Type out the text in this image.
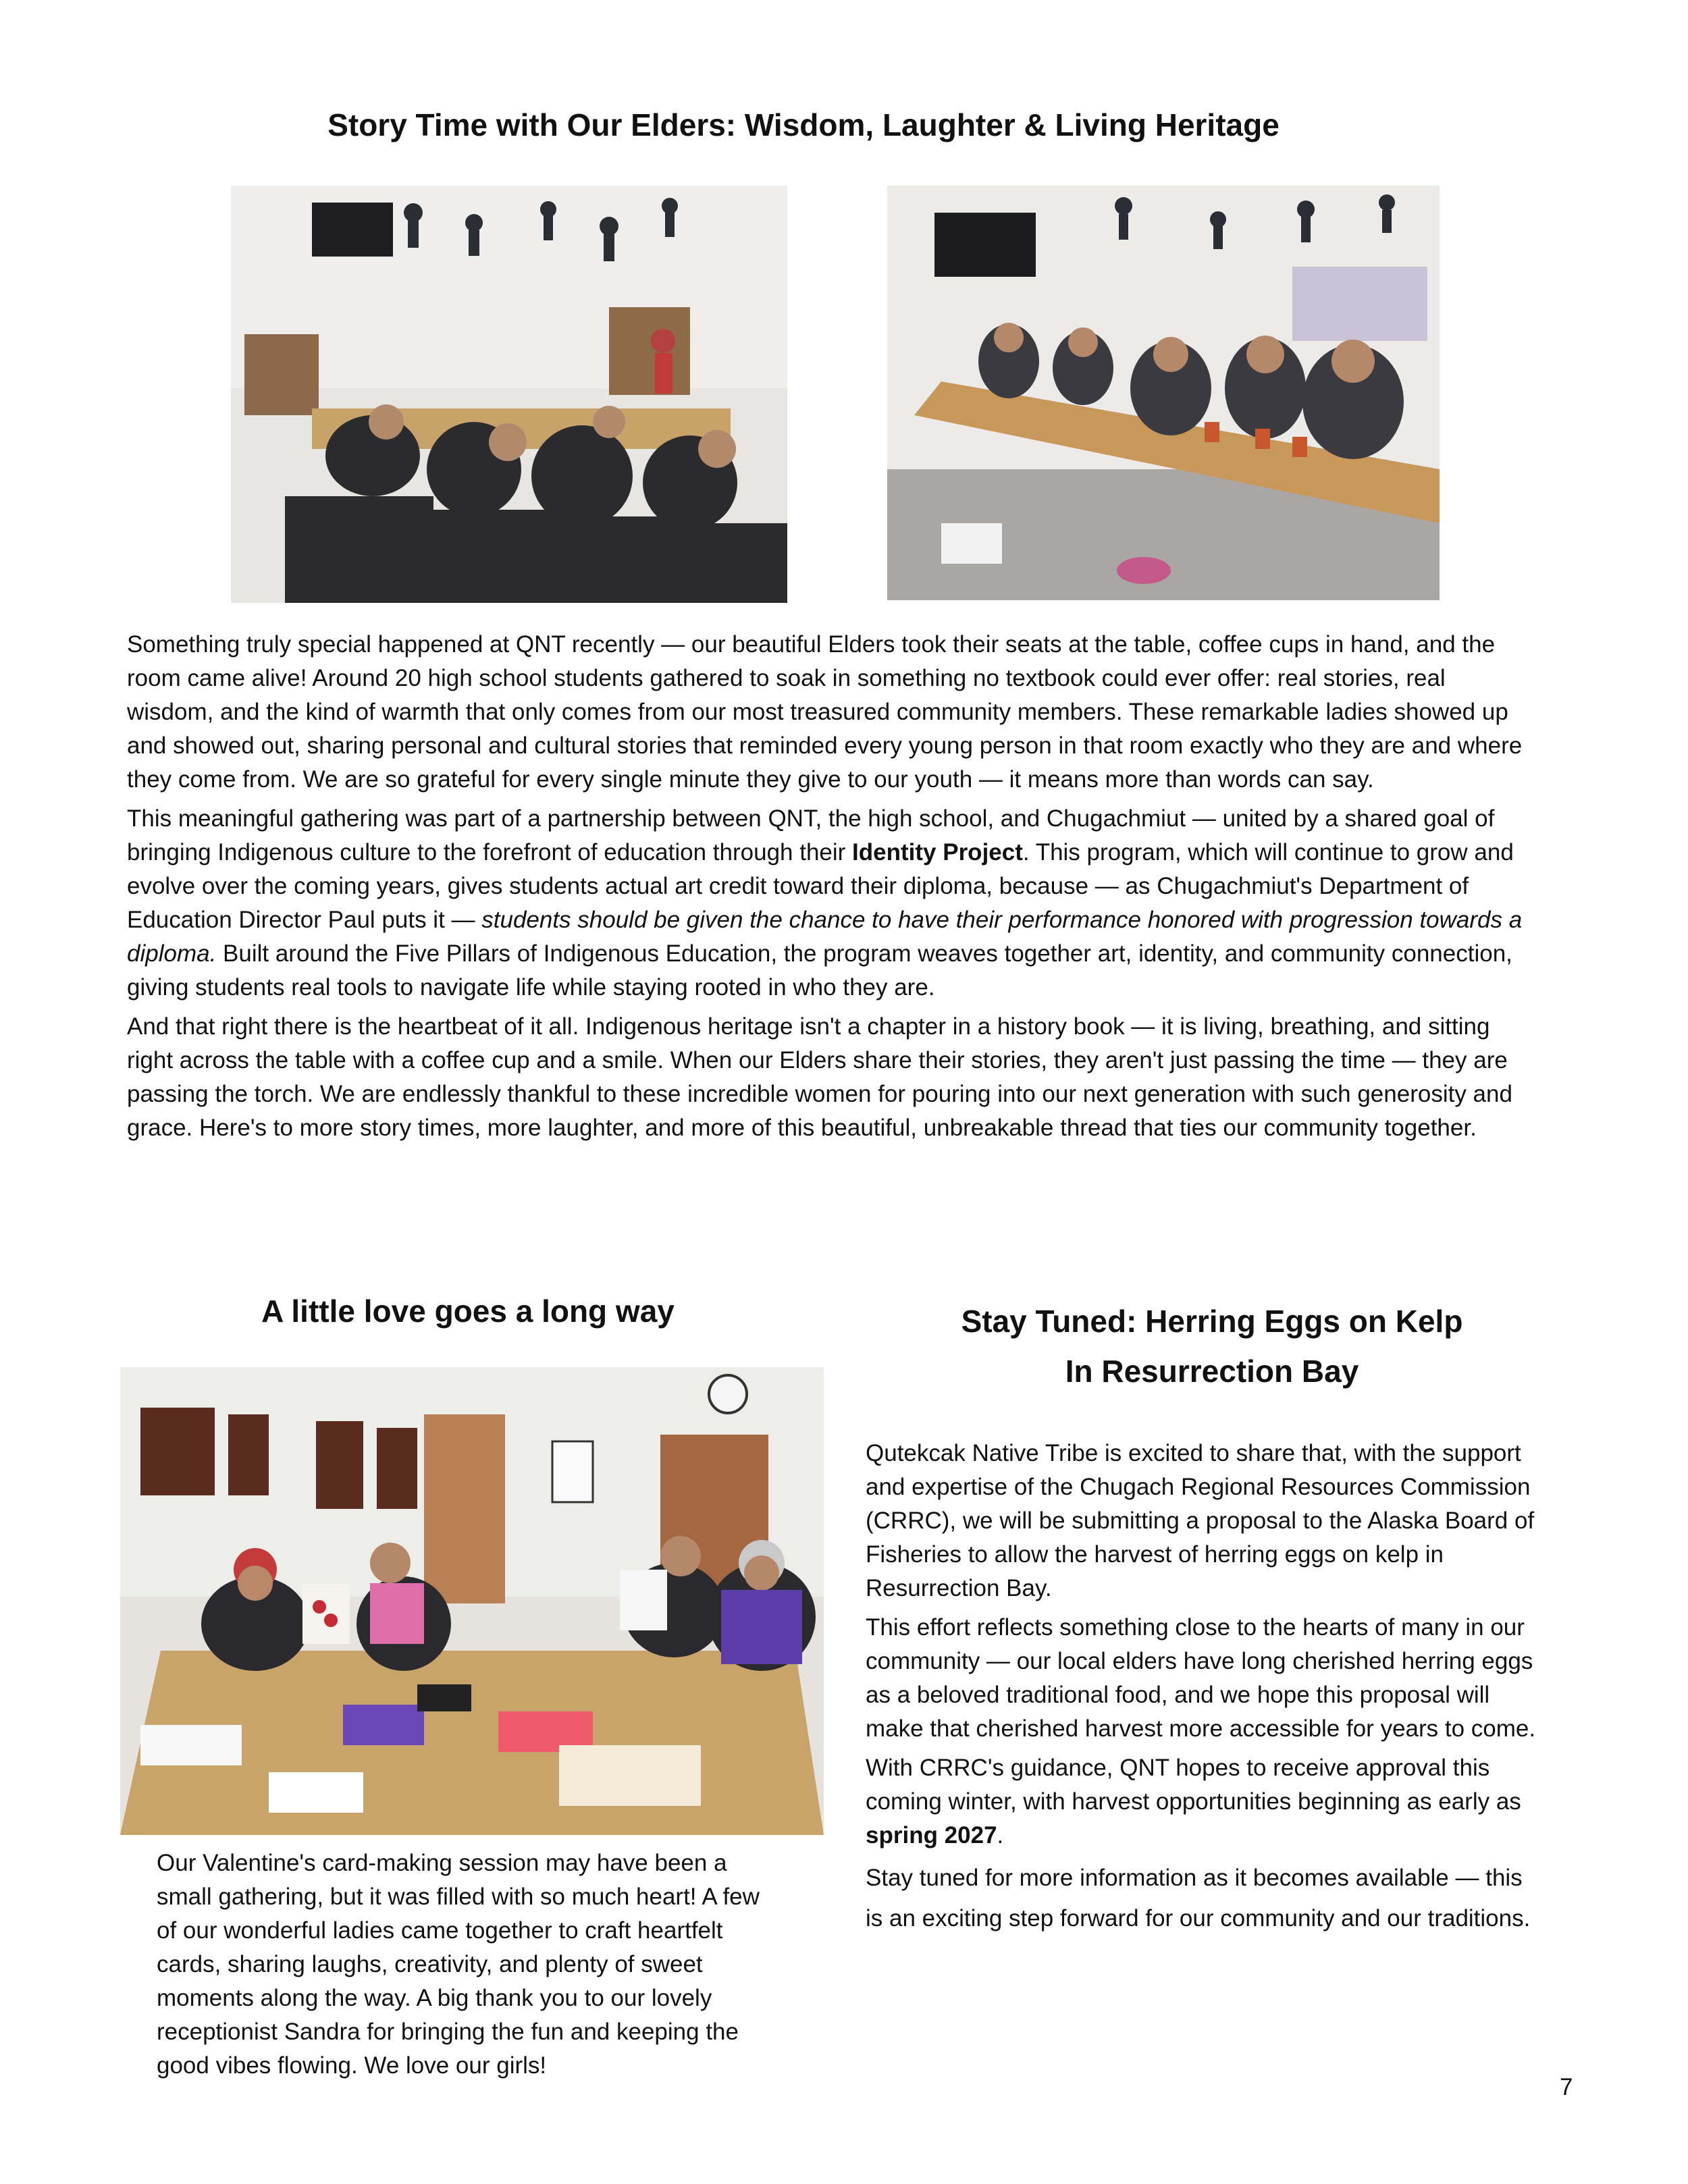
Story Time with Our Elders: Wisdom, Laughter & Living Heritage

Something truly special happened at QNT recently — our beautiful Elders took their seats at the table, coffee cups in hand, and the room came alive! Around 20 high school students gathered to soak in something no textbook could ever offer: real stories, real wisdom, and the kind of warmth that only comes from our most treasured community members. These remarkable ladies showed up and showed out, sharing personal and cultural stories that reminded every young person in that room exactly who they are and where they come from. We are so grateful for every single minute they give to our youth — it means more than words can say.

This meaningful gathering was part of a partnership between QNT, the high school, and Chugachmiut — united by a shared goal of bringing Indigenous culture to the forefront of education through their Identity Project. This program, which will continue to grow and evolve over the coming years, gives students actual art credit toward their diploma, because — as Chugachmiut's Department of Education Director Paul puts it — students should be given the chance to have their performance honored with progression towards a diploma. Built around the Five Pillars of Indigenous Education, the program weaves together art, identity, and community connection, giving students real tools to navigate life while staying rooted in who they are.

And that right there is the heartbeat of it all. Indigenous heritage isn't a chapter in a history book — it is living, breathing, and sitting right across the table with a coffee cup and a smile. When our Elders share their stories, they aren't just passing the time — they are passing the torch. We are endlessly thankful to these incredible women for pouring into our next generation with such generosity and grace. Here's to more story times, more laughter, and more of this beautiful, unbreakable thread that ties our community together.

A little love goes a long way
Our Valentine's card-making session may have been a small gathering, but it was filled with so much heart! A few of our wonderful ladies came together to craft heartfelt cards, sharing laughs, creativity, and plenty of sweet moments along the way. A big thank you to our lovely receptionist Sandra for bringing the fun and keeping the good vibes flowing. We love our girls!
Stay Tuned: Herring Eggs on Kelp
In Resurrection Bay

Qutekcak Native Tribe is excited to share that, with the support and expertise of the Chugach Regional Resources Commission (CRRC), we will be submitting a proposal to the Alaska Board of Fisheries to allow the harvest of herring eggs on kelp in Resurrection Bay.

This effort reflects something close to the hearts of many in our community — our local elders have long cherished herring eggs as a beloved traditional food, and we hope this proposal will make that cherished harvest more accessible for years to come.

With CRRC's guidance, QNT hopes to receive approval this coming winter, with harvest opportunities beginning as early as spring 2027.

Stay tuned for more information as it becomes available — this is an exciting step forward for our community and our traditions.

7
